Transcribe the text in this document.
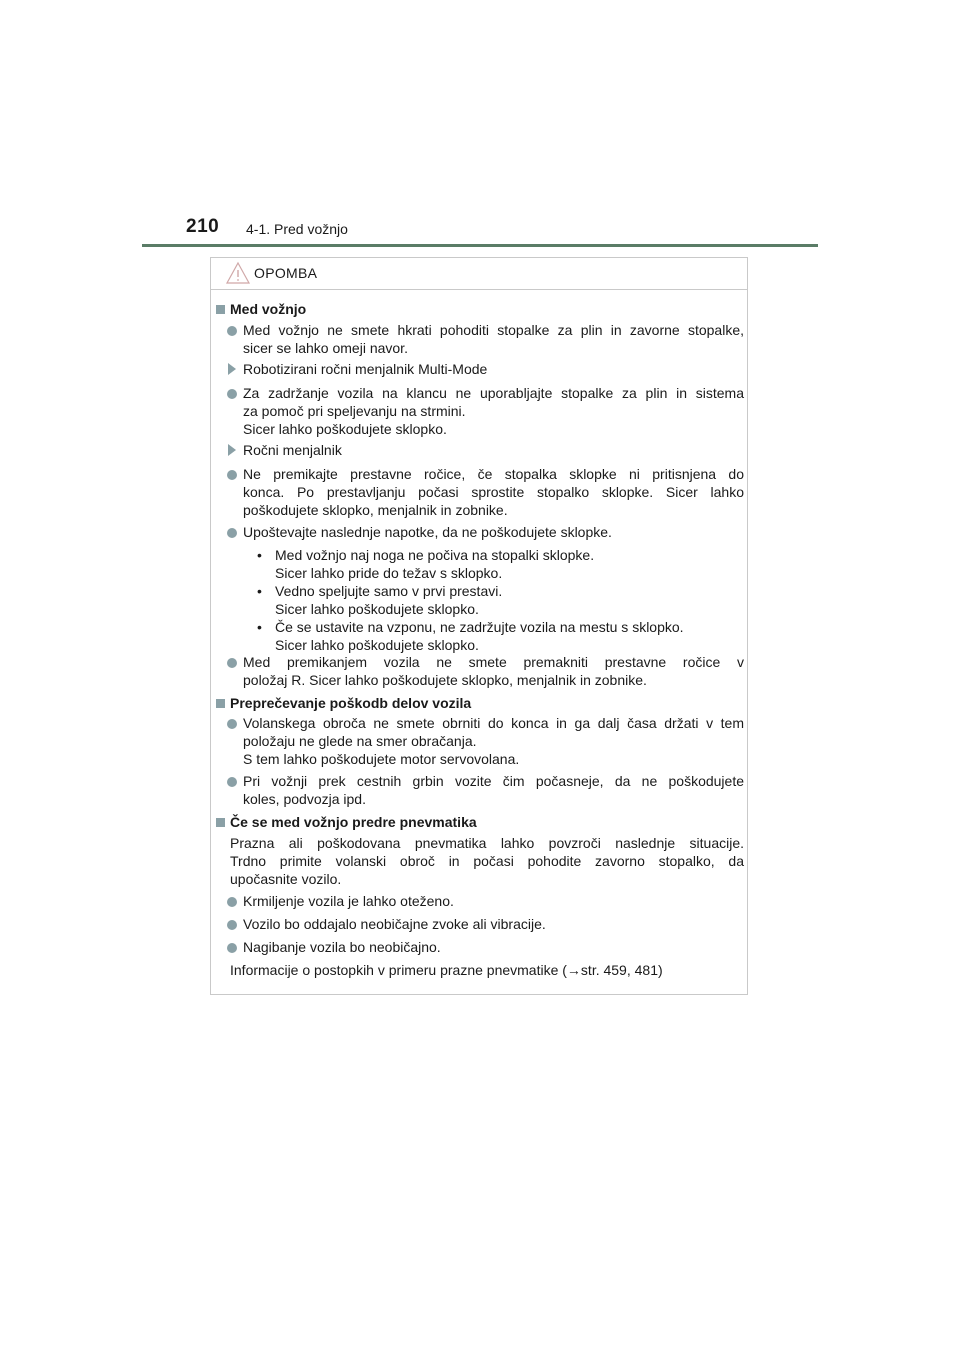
210 4-1. Pred vožnjo
OPOMBA
Med vožnjo
Med vožnjo ne smete hkrati pohoditi stopalke za plin in zavorne stopalke,
sicer se lahko omeji navor.
Robotizirani ročni menjalnik Multi-Mode
Za zadržanje vozila na klancu ne uporabljajte stopalke za plin in sistema
za pomoč pri speljevanju na strmini.
Sicer lahko poškodujete sklopko.
Ročni menjalnik
Ne premikajte prestavne ročice, če stopalka sklopke ni pritisnjena do
konca. Po prestavljanju počasi sprostite stopalko sklopke. Sicer lahko
poškodujete sklopko, menjalnik in zobnike.
Upoštevajte naslednje napotke, da ne poškodujete sklopke.
• Med vožnjo naj noga ne počiva na stopalki sklopke.
Sicer lahko pride do težav s sklopko.
• Vedno speljujte samo v prvi prestavi.
Sicer lahko poškodujete sklopko.
• Če se ustavite na vzponu, ne zadržujte vozila na mestu s sklopko.
Sicer lahko poškodujete sklopko.
Med premikanjem vozila ne smete premakniti prestavne ročice v
položaj R. Sicer lahko poškodujete sklopko, menjalnik in zobnike.
Preprečevanje poškodb delov vozila
Volanskega obroča ne smete obrniti do konca in ga dalj časa držati v tem
položaju ne glede na smer obračanja.
S tem lahko poškodujete motor servovolana.
Pri vožnji prek cestnih grbin vozite čim počasneje, da ne poškodujete
koles, podvozja ipd.
Če se med vožnjo predre pnevmatika
Prazna ali poškodovana pnevmatika lahko povzroči naslednje situacije.
Trdno primite volanski obroč in počasi pohodite zavorno stopalko, da
upočasnite vozilo.
Krmiljenje vozila je lahko oteženo.
Vozilo bo oddajalo neobičajne zvoke ali vibracije.
Nagibanje vozila bo neobičajno.
Informacije o postopkih v primeru prazne pnevmatike (→str. 459, 481)
